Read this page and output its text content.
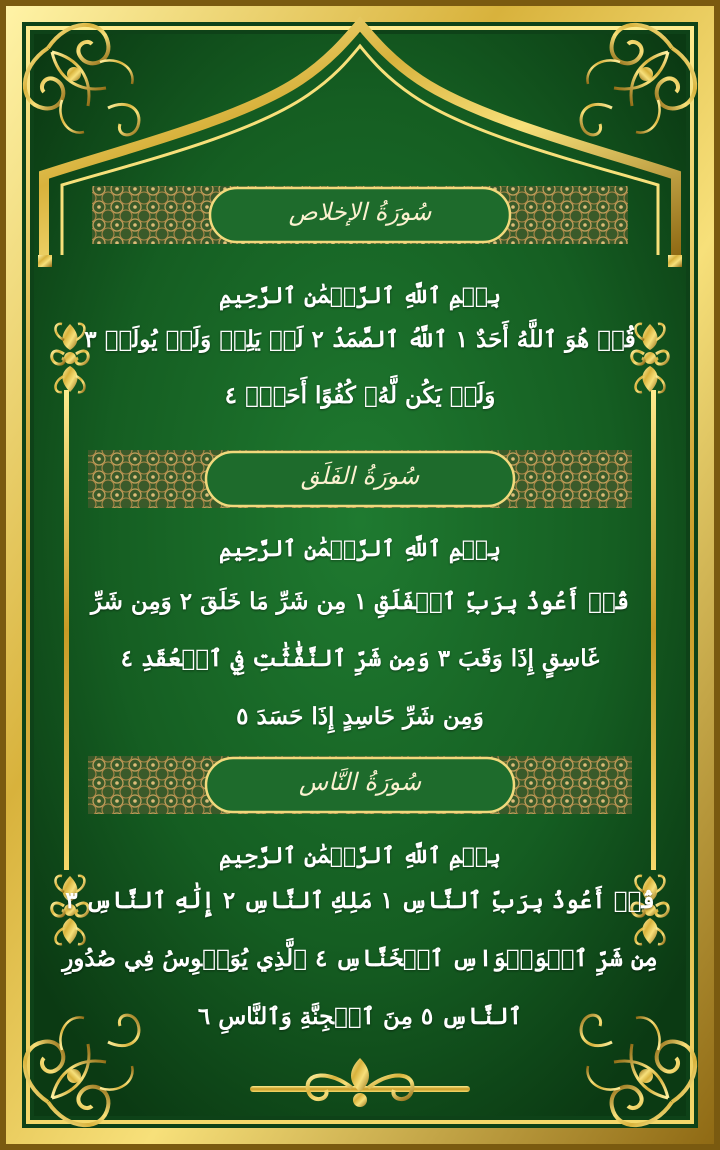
سُورَةُ الإخلاص
بِسۡمِ ٱللَّهِ ٱلرَّحۡمَٰنِ ٱلرَّحِيمِ
قُلۡ هُوَ ٱللَّهُ أَحَدٌ ١ ٱللَّهُ ٱلصَّمَدُ ٢ لَمۡ يَلِدۡ وَلَمۡ يُولَدۡ ٣
وَلَمۡ يَكُن لَّهُۥ كُفُوًا أَحَدُۢ ٤
سُورَةُ الفَلَق
بِسۡمِ ٱللَّهِ ٱلرَّحۡمَٰنِ ٱلرَّحِيمِ
قُلۡ أَعُوذُ بِرَبِّ ٱلۡفَلَقِ ١ مِن شَرِّ مَا خَلَقَ ٢ وَمِن شَرِّ
غَاسِقٍ إِذَا وَقَبَ ٣ وَمِن شَرِّ ٱلنَّفَّٰثَٰتِ فِي ٱلۡعُقَدِ ٤
وَمِن شَرِّ حَاسِدٍ إِذَا حَسَدَ ٥
سُورَةُ النَّاس
بِسۡمِ ٱللَّهِ ٱلرَّحۡمَٰنِ ٱلرَّحِيمِ
قُلۡ أَعُوذُ بِرَبِّ ٱلنَّاسِ ١ مَلِكِ ٱلنَّاسِ ٢ إِلَٰهِ ٱلنَّاسِ ٣
مِن شَرِّ ٱلۡوَسۡوَاسِ ٱلۡخَنَّاسِ ٤ ٱلَّذِي يُوَسۡوِسُ فِي صُدُورِ
ٱلنَّاسِ ٥ مِنَ ٱلۡجِنَّةِ وَٱلنَّاسِ ٦
